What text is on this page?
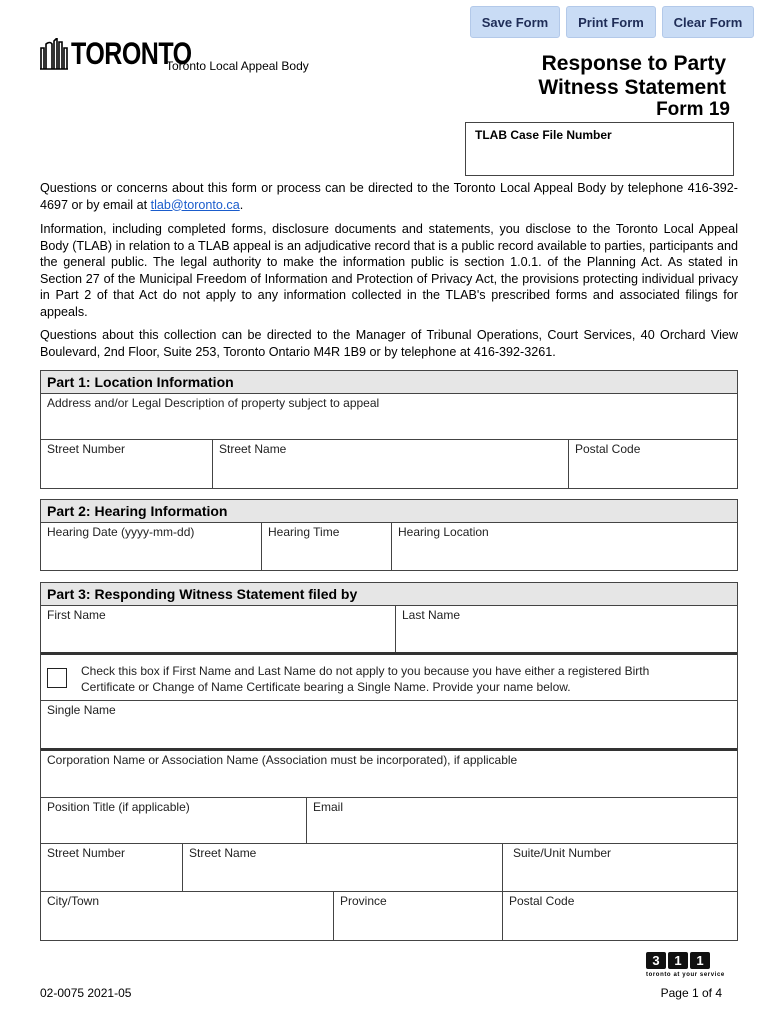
Save Form	Print Form	Clear Form
TORONTO
Toronto Local Appeal Body	Response to Party
Witness Statement
Form 19
TLAB Case File Number
Questions or concerns about this form or process can be directed to the Toronto Local Appeal Body by telephone 416-392-4697 or by email at tlab@toronto.ca.
Information, including completed forms, disclosure documents and statements, you disclose to the Toronto Local Appeal Body (TLAB) in relation to a TLAB appeal is an adjudicative record that is a public record available to parties, participants and the general public. The legal authority to make the information public is section 1.0.1. of the Planning Act. As stated in Section 27 of the Municipal Freedom of Information and Protection of Privacy Act, the provisions protecting individual privacy in Part 2 of that Act do not apply to any information collected in the TLAB's prescribed forms and associated filings for appeals.
Questions about this collection can be directed to the Manager of Tribunal Operations, Court Services, 40 Orchard View Boulevard, 2nd Floor, Suite 253, Toronto Ontario M4R 1B9 or by telephone at 416-392-3261.
Part 1: Location Information
Address and/or Legal Description of property subject to appeal
Street Number	Street Name	Postal Code
Part 2: Hearing Information
Hearing Date (yyyy-mm-dd)	Hearing Time	Hearing Location
Part 3: Responding Witness Statement filed by
First Name	Last Name
Check this box if First Name and Last Name do not apply to you because you have either a registered Birth
Certificate or Change of Name Certificate bearing a Single Name. Provide your name below.
Single Name
Corporation Name or Association Name (Association must be incorporated), if applicable
Position Title (if applicable)	Email
Street Number	Street Name	Suite/Unit Number
City/Town	Province	Postal Code
3 1 1
toronto at your service
02-0075 2021-05	Page 1 of 4
